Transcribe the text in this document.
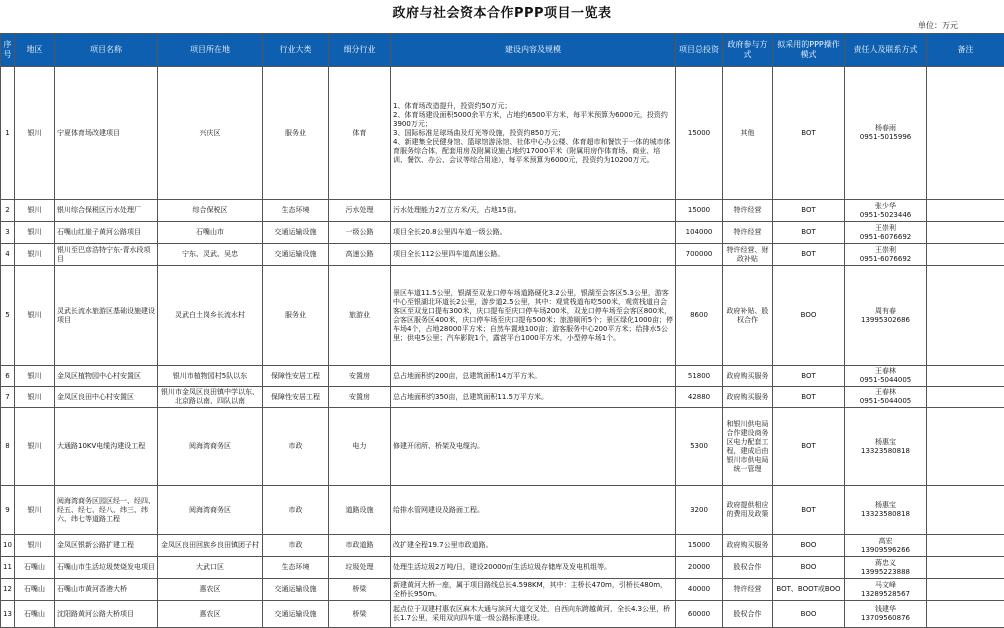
政府与社会资本合作PPP项目一览表
单位：万元
序号	地区	项目名称	项目所在地	行业大类	细分行业	建设内容及规模	项目总投资	政府参与方式	拟采用的PPP操作模式	责任人及联系方式	备注
1	银川	宁夏体育场改建项目	兴庆区	服务业	体育	1、体育场改造提升，投资约50万元；
2、体育场建设面积5000余平方米，占地约6500平方米，每平米预算为6000元，投资约3900万元；
3、国际标准足球场曲及灯光等设施，投资约850万元；
4、新建集全民健身馆、篮球馆游泳馆、社体中心办公楼、体育超市和餐饮于一体的城市体育服务综合体，配套用房及附属设施占地约17000平米（附属用房作体育场、商业、培训、餐饮、办公、会议等综合用途），每平米预算为6000元，投资约为10200万元。	15000	其他	BOT	杨春雨
0951-5015996	
2	银川	银川综合保税区污水处理厂	综合保税区	生态环境	污水处理	污水处理能力2万立方米/天，占地15亩。	15000	特许经营	BOT	张少华
0951-5023446	
3	银川	石嘴山红崖子黄河公路项目	石嘴山市	交通运输设施	一级公路	项目全长20.8公里四车道一级公路。	104000	特许经营	BOT	王崇利
0951-6076692	
4	银川	银川至巴彦浩特宁东-青水段项目	宁东、灵武、吴忠	交通运输设施	高速公路	项目全长112公里四车道高速公路。	700000	特许经营、财政补贴	BOT	王崇利
0951-6076692	
5	银川	灵武长流水旅游区基础设施建设项目	灵武白土岗乡长流水村	服务业	旅游业	景区车道11.5公里，银湖至双龙口停车场道路硬化3.2公里，银湖至会客区5.3公里，游客中心至银湖北环道长2公里，游步道2.5公里，其中：观赏栈道布吃500米，观赏栈道自会客区至双龙口提布300米，庆口提布至庆口停车场200米，双龙口停车场至会客区800米，会客区服务区400米，庆口停车场至庆口提布500米；旅游厕所5个；景区绿化1000亩；停车场4个，占地28000平方米；自然车置地100亩；游客服务中心200平方米；给排水5公里；供电5公里；汽车影院1个，露营平台1000平方米，小型停车场1个。	8600	政府补贴、股权合作	BOO	周有春
13995302686	
6	银川	金凤区植物园中心村安置区	银川市植物园村5队以东	保障性安居工程	安置房	总占地面积约200亩，总建筑面积14万平方米。	51800	政府购买服务	BOT	王春林
0951-5044005	
7	银川	金凤区良田中心村安置区	银川市金凤区良田镇中学以东、北京路以南、四队以南	保障性安居工程	安置房	总占地面积约350亩，总建筑面积11.5万平方米。	42880	政府购买服务	BOT	王春林
0951-5044005	
8	银川	大通路10KV电缆沟建设工程	阅海湾商务区	市政	电力	修建开闭所、桥架及电缆沟。	5300	和银川供电局合作建设商务区电力配套工程，建成后由银川市供电局统一管理	BOT	杨惠宝
13323580818	
9	银川	阅海湾商务区园区经一、经四、经五、经七、经八、纬三、纬六、纬七等道路工程	阅海湾商务区	市政	道路设施	给排水管网建设及路面工程。	3200	政府提供相应的费用及政策	BOT	杨惠宝
13323580818	
10	银川	金凤区银新公路扩建工程	金凤区良田回族乡良田镇团子村	市政	市政道路	改扩建全程19.7公里市政道路。	15000	政府购买服务	BOO	高宏
13909596266	
11	石嘴山	石嘴山市生活垃圾焚烧发电项目	大武口区	生态环境	垃圾处理	处理生活垃圾2万吨/日，建设20000㎡生活垃圾存储库及发电机组等。	20000	股权合作	BOO	蒋忠义
13995223888	
12	石嘴山	石嘴山市黄河香港大桥	惠农区	交通运输设施	桥梁	新建黄河大桥一座，属于项目路线总长4.598KM，其中：主桥长470m，引桥长480m，全桥长950m。	40000	特许经营	BOT、BOOT或BOO	马文峰
13289528567	
13	石嘴山	沈阳路黄河公路大桥项目	惠农区	交通运输设施	桥梁	起点位于双建村惠农区麻木大通与滨河大道交叉处，自西向东跨越黄河，全长4.3公里，桥长1.7公里，采用双向四车道一级公路标准建设。	60000	股权合作	BOO	钱建华
13709560876	
